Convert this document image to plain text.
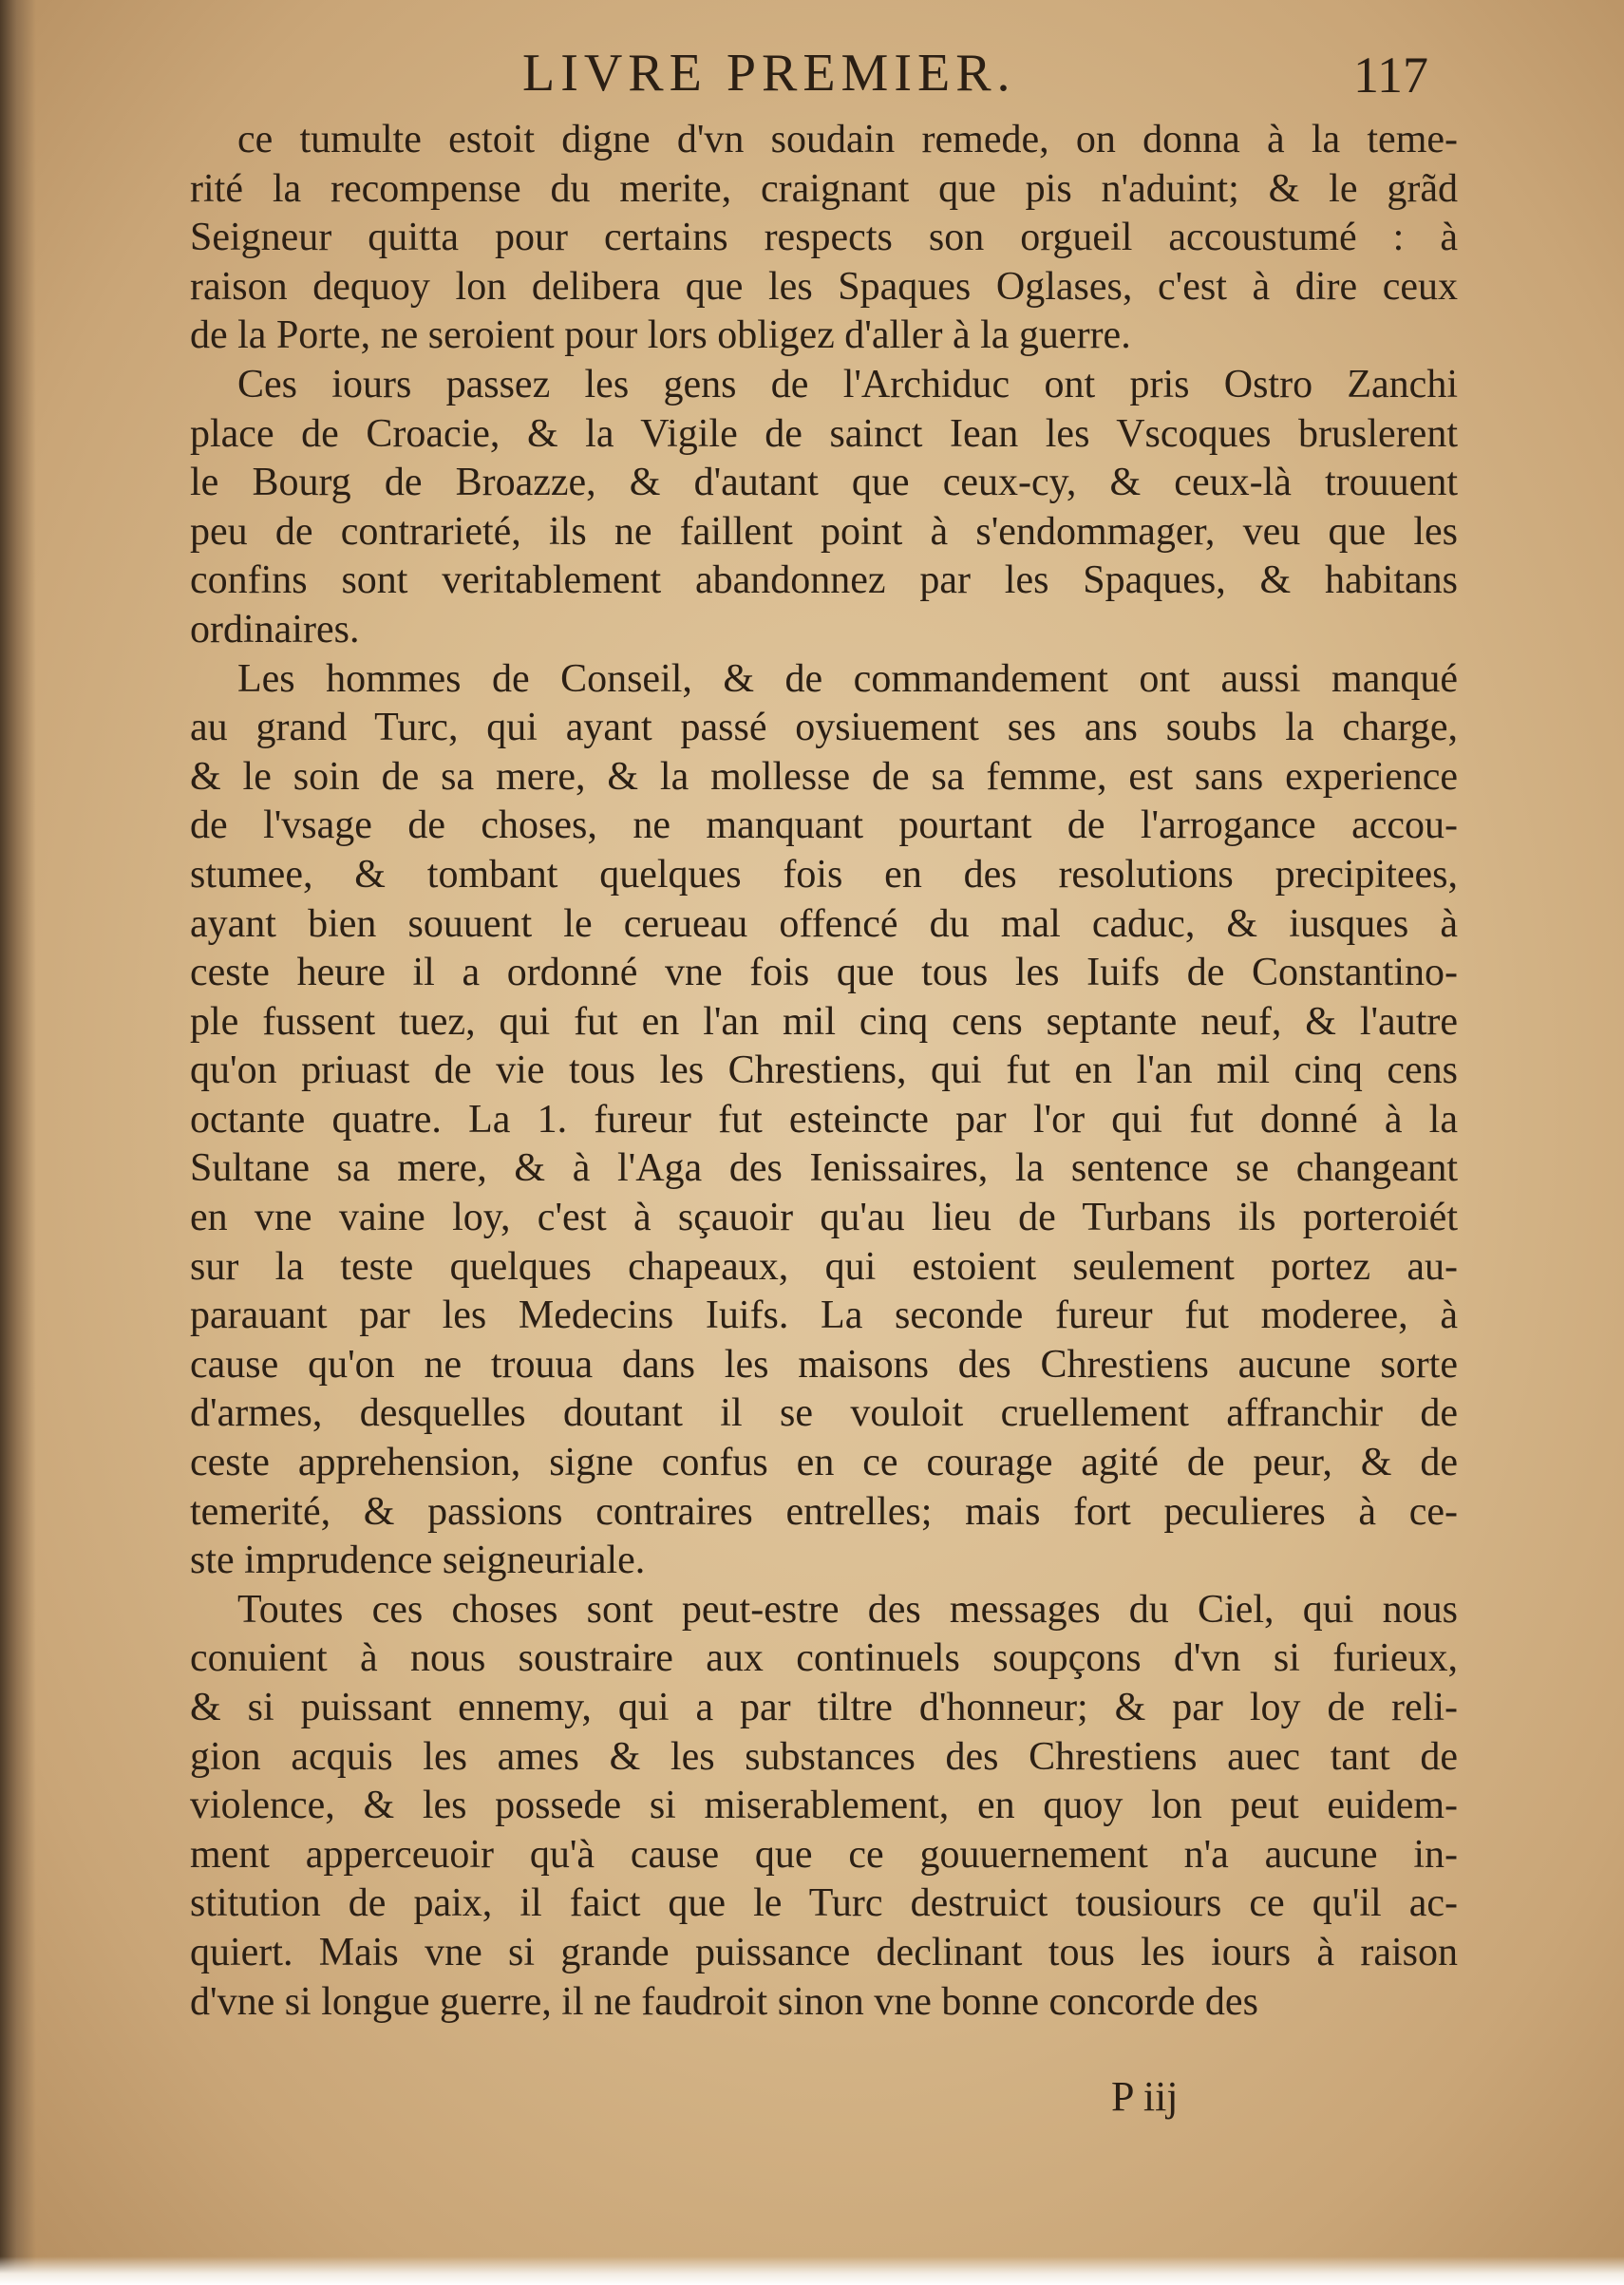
LIVRE PREMIER.	117
ce tumulte estoit digne d'vn soudain remede, on donna à la teme-
rité la recompense du merite, craignant que pis n'aduint; & le grãd
Seigneur quitta pour certains respects son orgueil accoustumé : à
raison dequoy lon delibera que les Spaques Oglases, c'est à dire ceux
de la Porte, ne seroient pour lors obligez d'aller à la guerre.
Ces iours passez les gens de l'Archiduc ont pris Ostro Zanchi
place de Croacie, & la Vigile de sainct Iean les Vscoques bruslerent
le Bourg de Broazze, & d'autant que ceux-cy, & ceux-là trouuent
peu de contrarieté, ils ne faillent point à s'endommager, veu que les
confins sont veritablement abandonnez par les Spaques, & habitans
ordinaires.
Les hommes de Conseil, & de commandement ont aussi manqué
au grand Turc, qui ayant passé oysiuement ses ans soubs la charge,
& le soin de sa mere, & la mollesse de sa femme, est sans experience
de l'vsage de choses, ne manquant pourtant de l'arrogance accou-
stumee, & tombant quelques fois en des resolutions precipitees,
ayant bien souuent le cerueau offencé du mal caduc, & iusques à
ceste heure il a ordonné vne fois que tous les Iuifs de Constantino-
ple fussent tuez, qui fut en l'an mil cinq cens septante neuf, & l'autre
qu'on priuast de vie tous les Chrestiens, qui fut en l'an mil cinq cens
octante quatre. La 1. fureur fut esteincte par l'or qui fut donné à la
Sultane sa mere, & à l'Aga des Ienissaires, la sentence se changeant
en vne vaine loy, c'est à sçauoir qu'au lieu de Turbans ils porteroiét
sur la teste quelques chapeaux, qui estoient seulement portez au-
parauant par les Medecins Iuifs. La seconde fureur fut moderee, à
cause qu'on ne trouua dans les maisons des Chrestiens aucune sorte
d'armes, desquelles doutant il se vouloit cruellement affranchir de
ceste apprehension, signe confus en ce courage agité de peur, & de
temerité, & passions contraires entrelles; mais fort peculieres à ce-
ste imprudence seigneuriale.
Toutes ces choses sont peut-estre des messages du Ciel, qui nous
conuient à nous soustraire aux continuels soupçons d'vn si furieux,
& si puissant ennemy, qui a par tiltre d'honneur; & par loy de reli-
gion acquis les ames & les substances des Chrestiens auec tant de
violence, & les possede si miserablement, en quoy lon peut euidem-
ment apperceuoir qu'à cause que ce gouuernement n'a aucune in-
stitution de paix, il faict que le Turc destruict tousiours ce qu'il ac-
quiert. Mais vne si grande puissance declinant tous les iours à raison
d'vne si longue guerre, il ne faudroit sinon vne bonne concorde des
P iij
